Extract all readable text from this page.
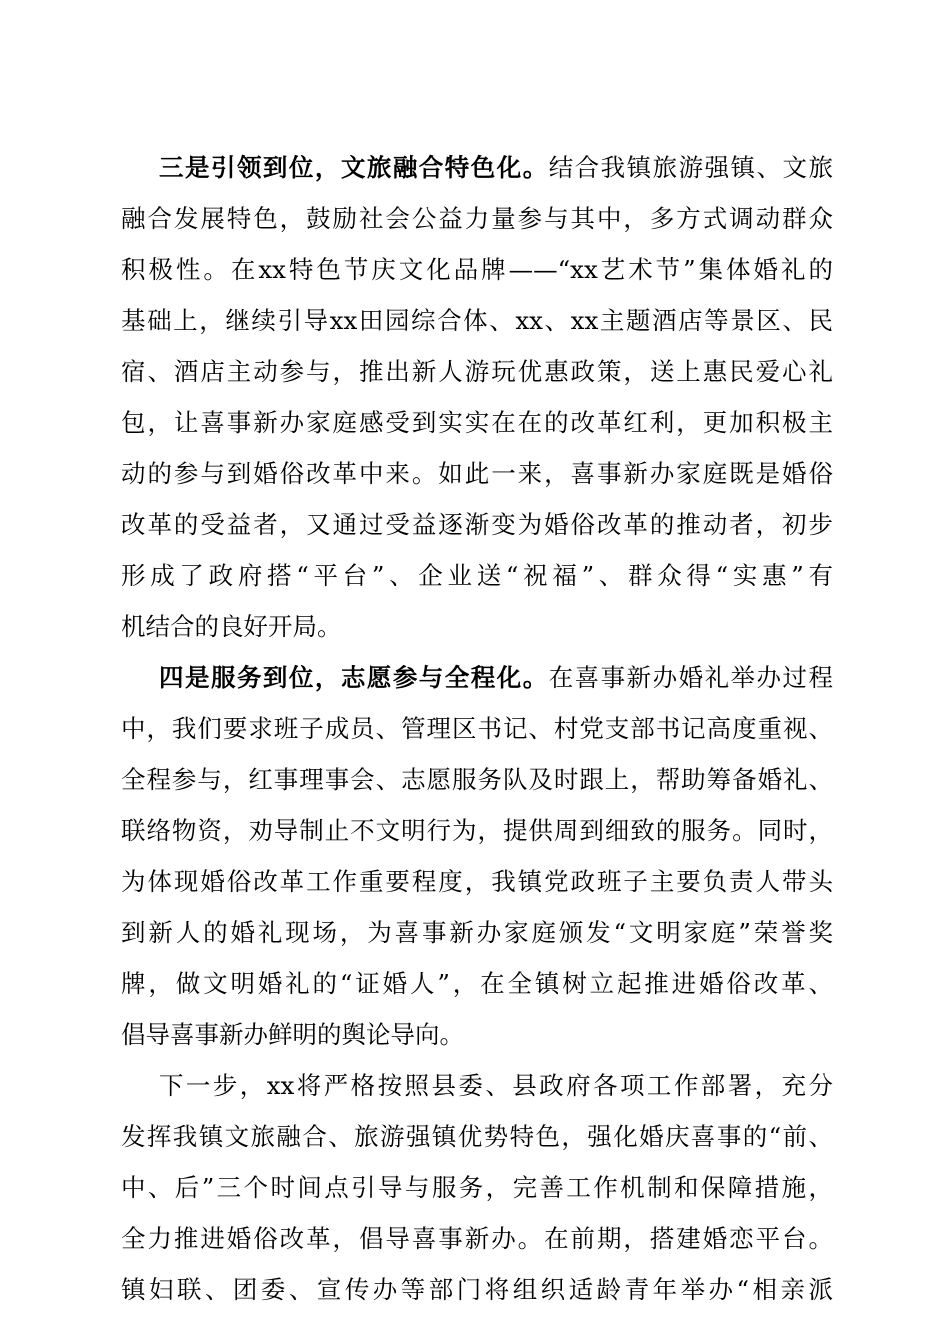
三是引领到位，文旅融合特色化。结合我镇旅游强镇、文旅
融合发展特色，鼓励社会公益力量参与其中，多方式调动群众
积极性。在xx特色节庆文化品牌——“xx艺术节”集体婚礼的
基础上，继续引导xx田园综合体、xx、xx主题酒店等景区、民
宿、酒店主动参与，推出新人游玩优惠政策，送上惠民爱心礼
包，让喜事新办家庭感受到实实在在的改革红利，更加积极主
动的参与到婚俗改革中来。如此一来，喜事新办家庭既是婚俗
改革的受益者，又通过受益逐渐变为婚俗改革的推动者，初步
形成了政府搭“平台”、企业送“祝福”、群众得“实惠”有
机结合的良好开局。
四是服务到位，志愿参与全程化。在喜事新办婚礼举办过程
中，我们要求班子成员、管理区书记、村党支部书记高度重视、
全程参与，红事理事会、志愿服务队及时跟上，帮助筹备婚礼、
联络物资，劝导制止不文明行为，提供周到细致的服务。同时，
为体现婚俗改革工作重要程度，我镇党政班子主要负责人带头
到新人的婚礼现场，为喜事新办家庭颁发“文明家庭”荣誉奖
牌，做文明婚礼的“证婚人”，在全镇树立起推进婚俗改革、
倡导喜事新办鲜明的舆论导向。
下一步，xx将严格按照县委、县政府各项工作部署，充分
发挥我镇文旅融合、旅游强镇优势特色，强化婚庆喜事的“前、
中、后”三个时间点引导与服务，完善工作机制和保障措施，
全力推进婚俗改革，倡导喜事新办。在前期，搭建婚恋平台。
镇妇联、团委、宣传办等部门将组织适龄青年举办“相亲派
